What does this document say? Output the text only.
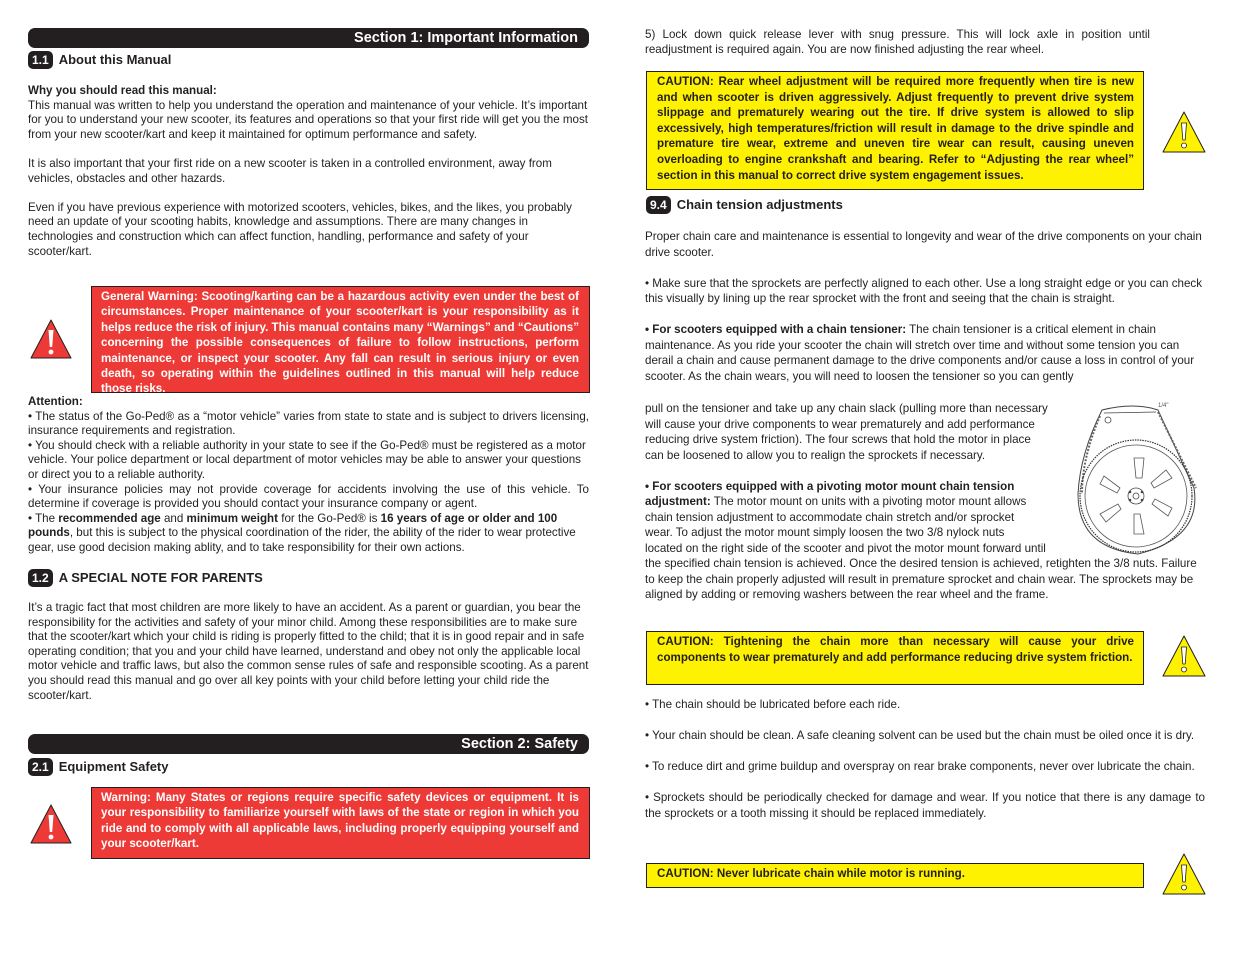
Section 1: Important Information
1.1 About this Manual

Why you should read this manual:

This manual was written to help you understand the operation and maintenance of your vehicle. It’s important for you to understand your new scooter, its features and operations so that your first ride will get you the most from your new scooter/kart and keep it maintained for optimum performance and safety.

It is also important that your first ride on a new scooter is taken in a controlled environment, away from vehicles, obstacles and other hazards.

Even if you have previous experience with motorized scooters, vehicles, bikes, and the likes, you probably need an update of your scooting habits, knowledge and assumptions. There are many changes in technologies and construction which can affect function, handling, performance and safety of your scooter/kart.

General Warning: Scooting/karting can be a hazardous activity even under the best of circumstances. Proper maintenance of your scooter/kart is your responsibility as it helps reduce the risk of injury. This manual contains many “Warnings” and “Cautions” concerning the possible consequences of failure to follow instructions, perform maintenance, or inspect your scooter. Any fall can result in serious injury or even death, so operating within the guidelines outlined in this manual will help reduce those risks.

Attention:

• The status of the Go-Ped® as a “motor vehicle” varies from state to state and is subject to drivers licensing, insurance requirements and registration.

• You should check with a reliable authority in your state to see if the Go-Ped® must be registered as a motor vehicle. Your police department or local department of motor vehicles may be able to answer your questions or direct you to a reliable authority.

• Your insurance policies may not provide coverage for accidents involving the use of this vehicle. To determine if coverage is provided you should contact your insurance company or agent.

• The recommended age and minimum weight for the Go-Ped® is 16 years of age or older and 100 pounds, but this is subject to the physical coordination of the rider, the ability of the rider to wear protective gear, use good decision making ablity, and to take responsibility for their own actions.

1.2 A SPECIAL NOTE FOR PARENTS

It’s a tragic fact that most children are more likely to have an accident. As a parent or guardian, you bear the responsibility for the activities and safety of your minor child. Among these responsibilities are to make sure that the scooter/kart which your child is riding is properly fitted to the child; that it is in good repair and in safe operating condition; that you and your child have learned, understand and obey not only the applicable local motor vehicle and traffic laws, but also the common sense rules of safe and responsible scooting. As a parent you should read this manual and go over all key points with your child before letting your child ride the scooter/kart.

Section 2: Safety
2.1 Equipment Safety
Warning: Many States or regions require specific safety devices or equipment. It is your responsibility to familiarize yourself with laws of the state or region in which you ride and to comply with all applicable laws, including properly equipping yourself and your scooter/kart.

5) Lock down quick release lever with snug pressure. This will lock axle in position until readjustment is required again. You are now finished adjusting the rear wheel.

CAUTION: Rear wheel adjustment will be required more frequently when tire is new and when scooter is driven aggressively. Adjust frequently to prevent drive system slippage and prematurely wearing out the tire. If drive system is allowed to slip excessively, high temperatures/friction will result in damage to the drive spindle and premature tire wear, extreme and uneven tire wear can result, causing uneven overloading to engine crankshaft and bearing. Refer to “Adjusting the rear wheel” section in this manual to correct drive system engagement issues.
9.4 Chain tension adjustments

Proper chain care and maintenance is essential to longevity and wear of the drive components on your chain drive scooter.

• Make sure that the sprockets are perfectly aligned to each other. Use a long straight edge or you can check this visually by lining up the rear sprocket with the front and seeing that the chain is straight.

• For scooters equipped with a chain tensioner: The chain tensioner is a critical element in chain maintenance. As you ride your scooter the chain will stretch over time and without some tension you can derail a chain and cause permanent damage to the drive components and/or cause a loss in control of your scooter. As the chain wears, you will need to loosen the tensioner so you can gently

pull on the tensioner and take up any chain slack (pulling more than necessary

will cause your drive components to wear prematurely and add performance

reducing drive system friction). The four screws that hold the motor in place

can be loosened to allow you to realign the sprockets if necessary.

• For scooters equipped with a pivoting motor mount chain tension

adjustment: The motor mount on units with a pivoting motor mount allows

chain tension adjustment to accommodate chain stretch and/or sprocket

wear. To adjust the motor mount simply loosen the two 3/8 nylock nuts

located on the right side of the scooter and pivot the motor mount forward until

the specified chain tension is achieved. Once the desired tension is achieved, retighten the 3/8 nuts. Failure to keep the chain properly adjusted will result in premature sprocket and chain wear. The sprockets may be aligned by adding or removing washers between the rear wheel and the frame.

1/4"
CAUTION: Tightening the chain more than necessary will cause your drive components to wear prematurely and add performance reducing drive system friction.

• The chain should be lubricated before each ride.

• Your chain should be clean. A safe cleaning solvent can be used but the chain must be oiled once it is dry.

• To reduce dirt and grime buildup and overspray on rear brake components, never over lubricate the chain.

• Sprockets should be periodically checked for damage and wear. If you notice that there is any damage to the sprockets or a tooth missing it should be replaced immediately.

CAUTION: Never lubricate chain while motor is running.
